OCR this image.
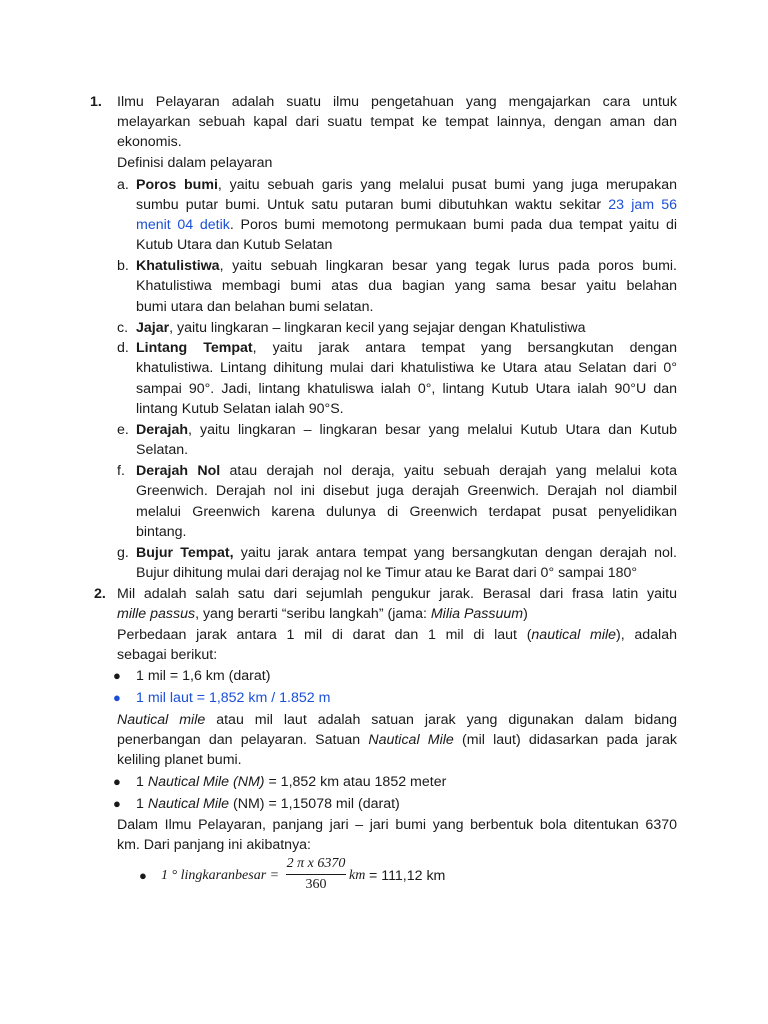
1. Ilmu Pelayaran adalah suatu ilmu pengetahuan yang mengajarkan cara untuk
melayarkan sebuah kapal dari suatu tempat ke tempat lainnya, dengan aman dan
ekonomis.
Definisi dalam pelayaran
a. Poros bumi, yaitu sebuah garis yang melalui pusat bumi yang juga merupakan
sumbu putar bumi. Untuk satu putaran bumi dibutuhkan waktu sekitar 23 jam 56
menit 04 detik. Poros bumi memotong permukaan bumi pada dua tempat yaitu di
Kutub Utara dan Kutub Selatan
b. Khatulistiwa, yaitu sebuah lingkaran besar yang tegak lurus pada poros bumi.
Khatulistiwa membagi bumi atas dua bagian yang sama besar yaitu belahan
bumi utara dan belahan bumi selatan.
c. Jajar, yaitu lingkaran – lingkaran kecil yang sejajar dengan Khatulistiwa
d. Lintang Tempat, yaitu jarak antara tempat yang bersangkutan dengan
khatulistiwa. Lintang dihitung mulai dari khatulistiwa ke Utara atau Selatan dari 0°
sampai 90°. Jadi, lintang khatuliswa ialah 0°, lintang Kutub Utara ialah 90°U dan
lintang Kutub Selatan ialah 90°S.
e. Derajah, yaitu lingkaran – lingkaran besar yang melalui Kutub Utara dan Kutub
Selatan.
f. Derajah Nol atau derajah nol deraja, yaitu sebuah derajah yang melalui kota
Greenwich. Derajah nol ini disebut juga derajah Greenwich. Derajah nol diambil
melalui Greenwich karena dulunya di Greenwich terdapat pusat penyelidikan
bintang.
g. Bujur Tempat, yaitu jarak antara tempat yang bersangkutan dengan derajah nol.
Bujur dihitung mulai dari derajag nol ke Timur atau ke Barat dari 0° sampai 180°
2. Mil adalah salah satu dari sejumlah pengukur jarak. Berasal dari frasa latin yaitu
mille passus, yang berarti “seribu langkah” (jama: Milia Passuum)
Perbedaan jarak antara 1 mil di darat dan 1 mil di laut (nautical mile), adalah
sebagai berikut:
● 1 mil = 1,6 km (darat)
● 1 mil laut = 1,852 km / 1.852 m
Nautical mile atau mil laut adalah satuan jarak yang digunakan dalam bidang
penerbangan dan pelayaran. Satuan Nautical Mile (mil laut) didasarkan pada jarak
keliling planet bumi.
● 1 Nautical Mile (NM) = 1,852 km atau 1852 meter
● 1 Nautical Mile (NM) = 1,15078 mil (darat)
Dalam Ilmu Pelayaran, panjang jari – jari bumi yang berbentuk bola ditentukan 6370
km. Dari panjang ini akibatnya:
● 1 ° lingkaranbesar =
2 π x 6370
360
km = 111,12 km
